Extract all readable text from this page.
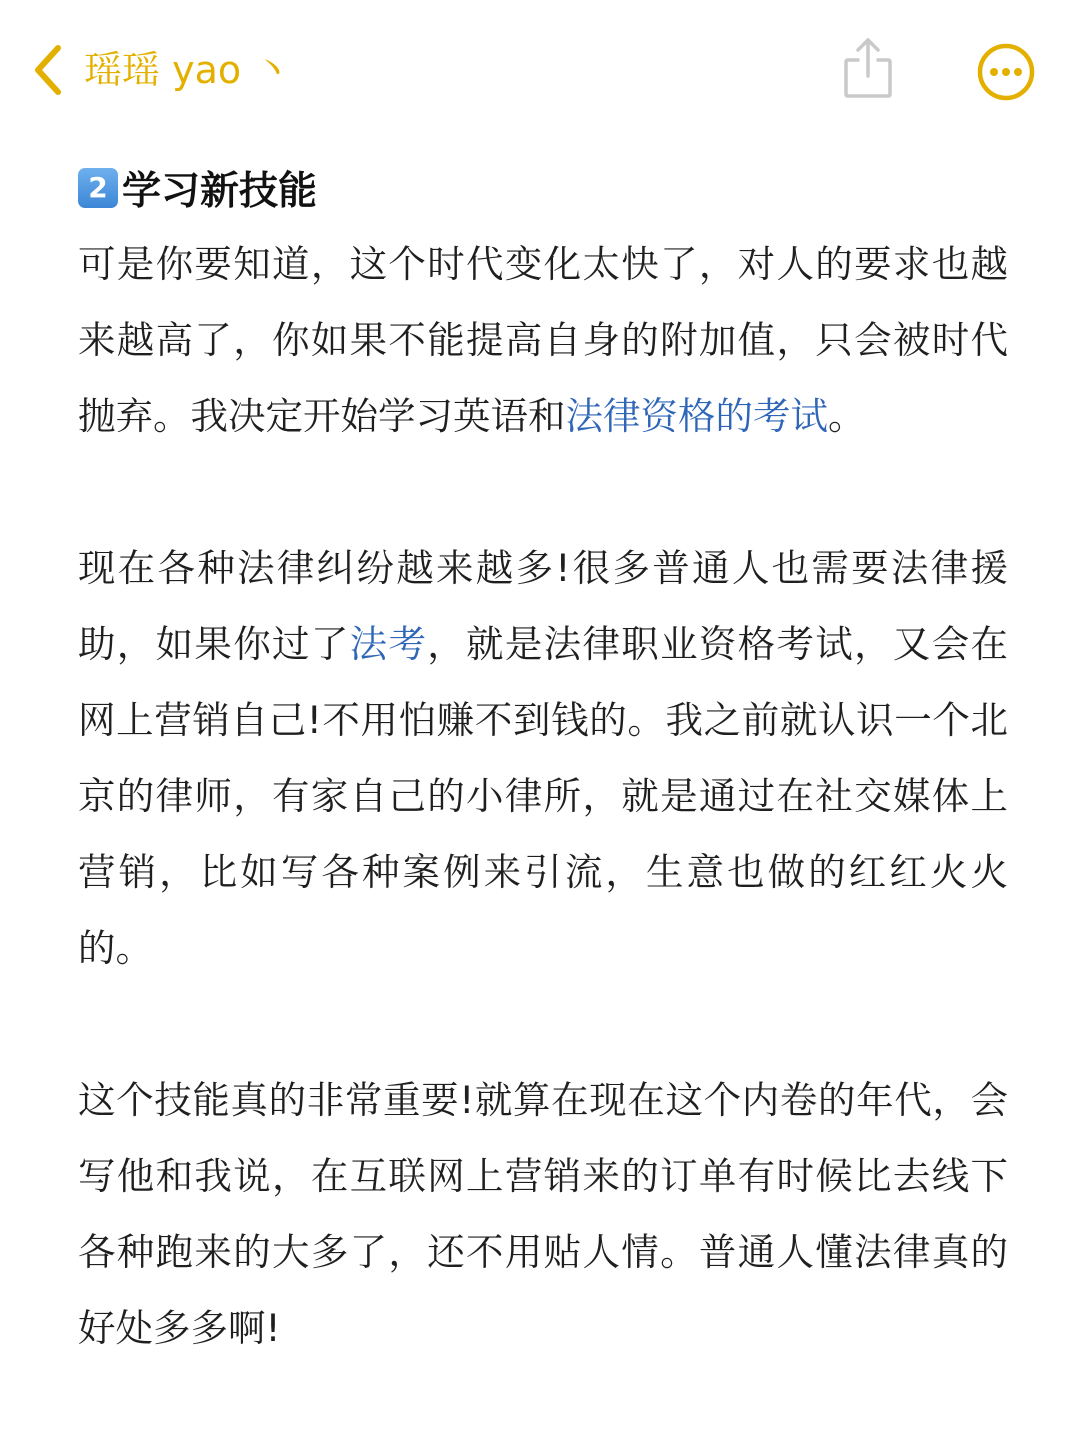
瑶瑶 yao 丶
2 学习新技能

可是你要知道，这个时代变化太快了，对人的要求也越来越高了，你如果不能提高自身的附加值，只会被时代抛弃。我决定开始学习英语和法律资格的考试。

现在各种法律纠纷越来越多!很多普通人也需要法律援助，如果你过了法考，就是法律职业资格考试，又会在网上营销自己!不用怕赚不到钱的。我之前就认识一个北京的律师，有家自己的小律所，就是通过在社交媒体上营销，比如写各种案例来引流，生意也做的红红火火的。

这个技能真的非常重要!就算在现在这个内卷的年代，会写他和我说，在互联网上营销来的订单有时候比去线下各种跑来的大多了，还不用贴人情。普通人懂法律真的好处多多啊!
